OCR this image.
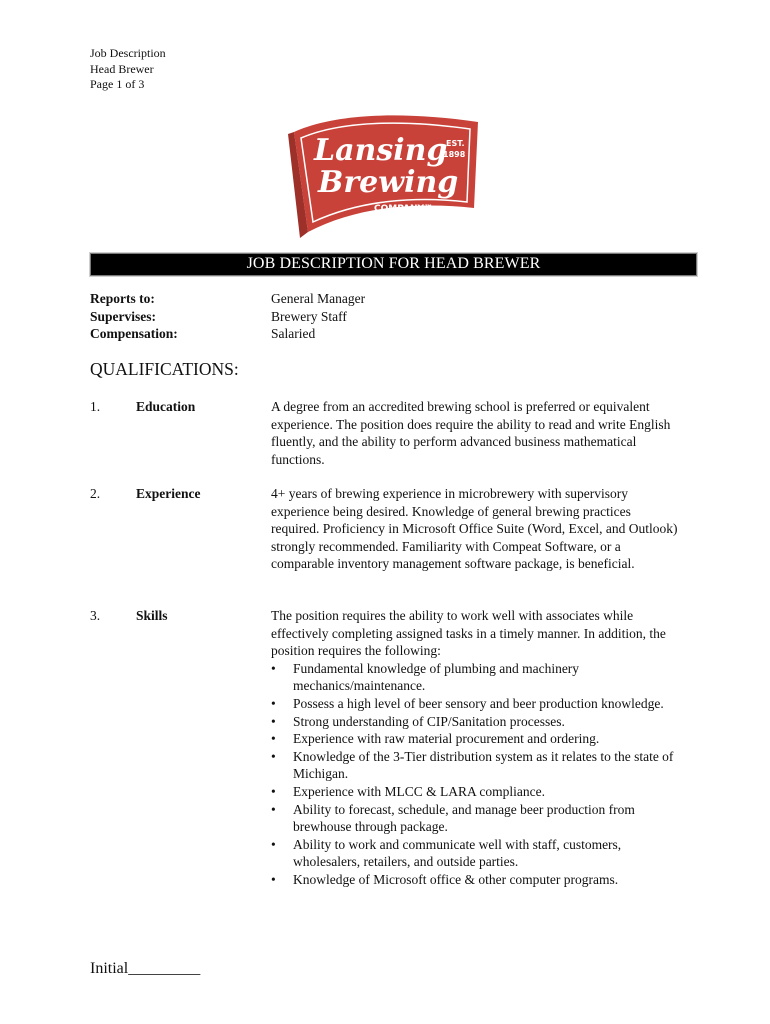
Job Description
Head Brewer
Page 1 of 3
Lansing
Brewing
COMPANY™
EST.
1898
JOB DESCRIPTION FOR HEAD BREWER
Reports to:	General Manager
Supervises:	Brewery Staff
Compensation:	Salaried
QUALIFICATIONS:
1.	Education	A degree from an accredited brewing school is preferred or equivalent experience. The position does require the ability to read and write English fluently, and the ability to perform advanced business mathematical functions.
2.	Experience	4+ years of brewing experience in microbrewery with supervisory experience being desired. Knowledge of general brewing practices required. Proficiency in Microsoft Office Suite (Word, Excel, and Outlook) strongly recommended. Familiarity with Compeat Software, or a comparable inventory management software package, is beneficial.
3.	Skills	The position requires the ability to work well with associates while effectively completing assigned tasks in a timely manner. In addition, the position requires the following:
• Fundamental knowledge of plumbing and machinery mechanics/maintenance.
• Possess a high level of beer sensory and beer production knowledge.
• Strong understanding of CIP/Sanitation processes.
• Experience with raw material procurement and ordering.
• Knowledge of the 3-Tier distribution system as it relates to the state of Michigan.
• Experience with MLCC & LARA compliance.
• Ability to forecast, schedule, and manage beer production from brewhouse through package.
• Ability to work and communicate well with staff, customers, wholesalers, retailers, and outside parties.
• Knowledge of Microsoft office & other computer programs.
Initial_________
